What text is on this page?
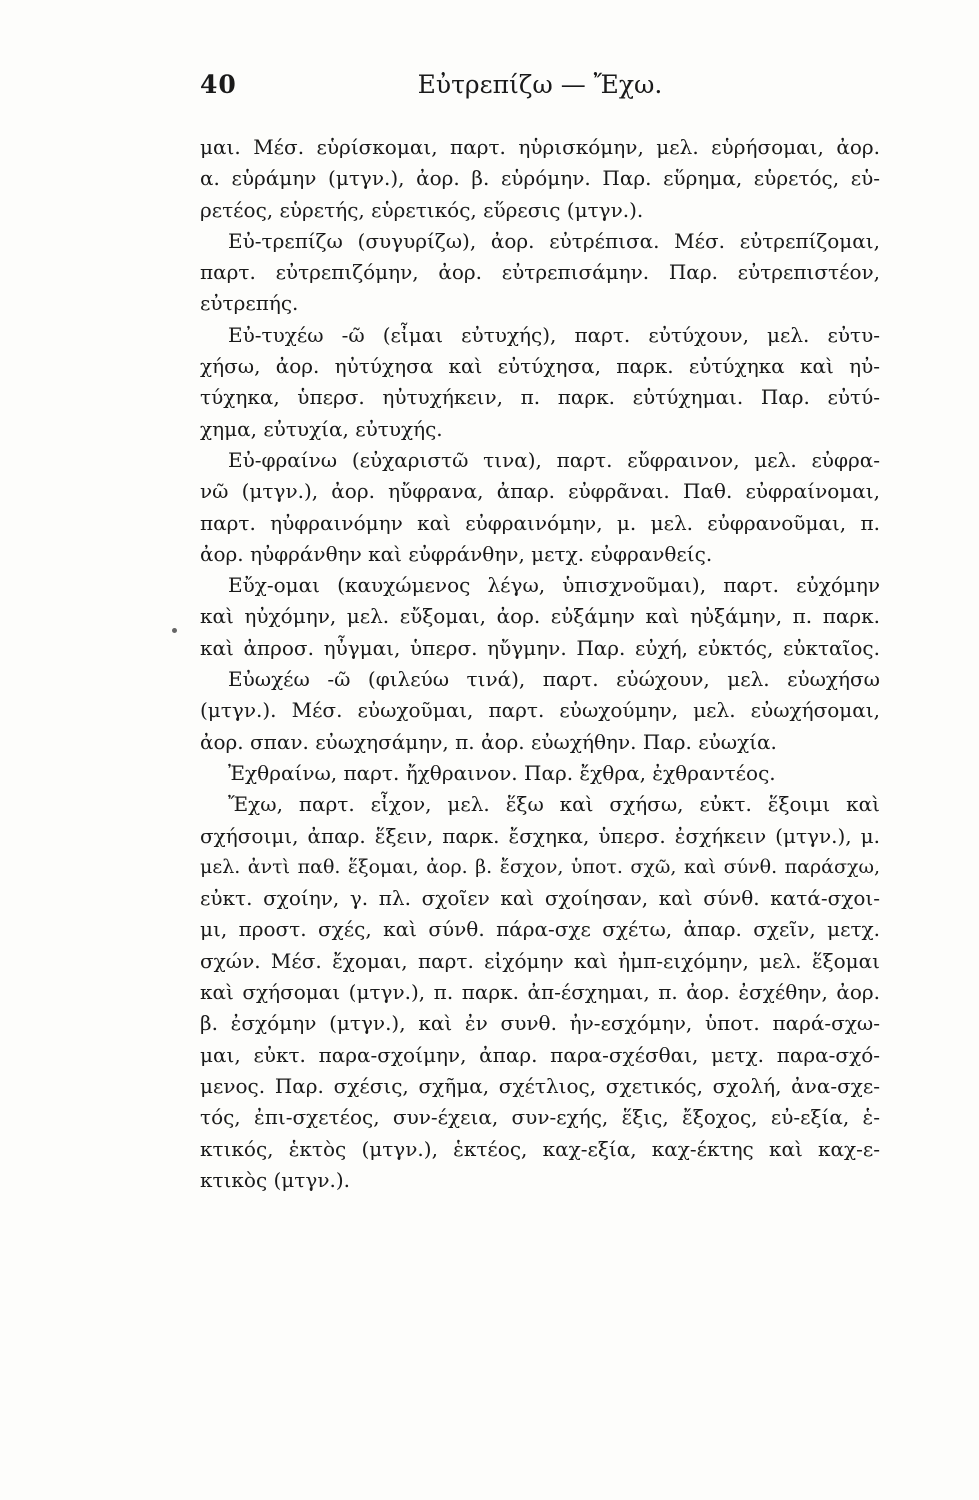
40	Εὐτρεπίζω — Ἔχω.
μαι. Μέσ. εὑρίσκομαι, παρτ. ηὑρισκόμην, μελ. εὑρήσομαι, ἀορ.
α. εὑράμην (μτγν.), ἀορ. β. εὑρόμην. Παρ. εὕρημα, εὑρετός, εὑ-
ρετέος, εὑρετής, εὑρετικός, εὕρεσις (μτγν.).
Εὐ-τρεπίζω (συγυρίζω), ἀορ. εὐτρέπισα. Μέσ. εὐτρεπίζομαι,
παρτ. εὐτρεπιζόμην, ἀορ. εὐτρεπισάμην. Παρ. εὐτρεπιστέον,
εὐτρεπής.
Εὐ-τυχέω -ῶ (εἶμαι εὐτυχής), παρτ. εὐτύχουν, μελ. εὐτυ-
χήσω, ἀορ. ηὐτύχησα καὶ εὐτύχησα, παρκ. εὐτύχηκα καὶ ηὐ-
τύχηκα, ὑπερσ. ηὐτυχήκειν, π. παρκ. εὐτύχημαι. Παρ. εὐτύ-
χημα, εὐτυχία, εὐτυχής.
Εὐ-φραίνω (εὐχαριστῶ τινα), παρτ. εὔφραινον, μελ. εὐφρα-
νῶ (μτγν.), ἀορ. ηὔφρανα, ἀπαρ. εὐφρᾶναι. Παθ. εὐφραίνομαι,
παρτ. ηὐφραινόμην καὶ εὐφραινόμην, μ. μελ. εὐφρανοῦμαι, π.
ἀορ. ηὐφράνθην καὶ εὐφράνθην, μετχ. εὐφρανθείς.
Εὔχ-ομαι (καυχώμενος λέγω, ὑπισχνοῦμαι), παρτ. εὐχόμην
καὶ ηὐχόμην, μελ. εὔξομαι, ἀορ. εὐξάμην καὶ ηὐξάμην, π. παρκ.
καὶ ἀπροσ. ηὖγμαι, ὑπερσ. ηὔγμην. Παρ. εὐχή, εὐκτός, εὐκταῖος.
Εὐωχέω -ῶ (φιλεύω τινά), παρτ. εὐώχουν, μελ. εὐωχήσω
(μτγν.). Μέσ. εὐωχοῦμαι, παρτ. εὐωχούμην, μελ. εὐωχήσομαι,
ἀορ. σπαν. εὐωχησάμην, π. ἀορ. εὐωχήθην. Παρ. εὐωχία.
Ἐχθραίνω, παρτ. ἤχθραινον. Παρ. ἔχθρα, ἐχθραντέος.
Ἔχω, παρτ. εἶχον, μελ. ἕξω καὶ σχήσω, εὐκτ. ἕξοιμι καὶ
σχήσοιμι, ἀπαρ. ἕξειν, παρκ. ἔσχηκα, ὑπερσ. ἐσχήκειν (μτγν.), μ.
μελ. ἀντὶ παθ. ἕξομαι, ἀορ. β. ἔσχον, ὑποτ. σχῶ, καὶ σύνθ. παράσχω,
εὐκτ. σχοίην, γ. πλ. σχοῖεν καὶ σχοίησαν, καὶ σύνθ. κατά-σχοι-
μι, προστ. σχές, καὶ σύνθ. πάρα-σχε σχέτω, ἀπαρ. σχεῖν, μετχ.
σχών. Μέσ. ἔχομαι, παρτ. εἰχόμην καὶ ἠμπ-ειχόμην, μελ. ἕξομαι
καὶ σχήσομαι (μτγν.), π. παρκ. ἀπ-έσχημαι, π. ἀορ. ἐσχέθην, ἀορ.
β. ἐσχόμην (μτγν.), καὶ ἐν συνθ. ἠν-εσχόμην, ὑποτ. παρά-σχω-
μαι, εὐκτ. παρα-σχοίμην, ἀπαρ. παρα-σχέσθαι, μετχ. παρα-σχό-
μενος. Παρ. σχέσις, σχῆμα, σχέτλιος, σχετικός, σχολή, ἀνα-σχε-
τός, ἐπι-σχετέος, συν-έχεια, συν-εχής, ἕξις, ἔξοχος, εὐ-εξία, ἑ-
κτικός, ἑκτὸς (μτγν.), ἑκτέος, καχ-εξία, καχ-έκτης καὶ καχ-ε-
κτικὸς (μτγν.).
